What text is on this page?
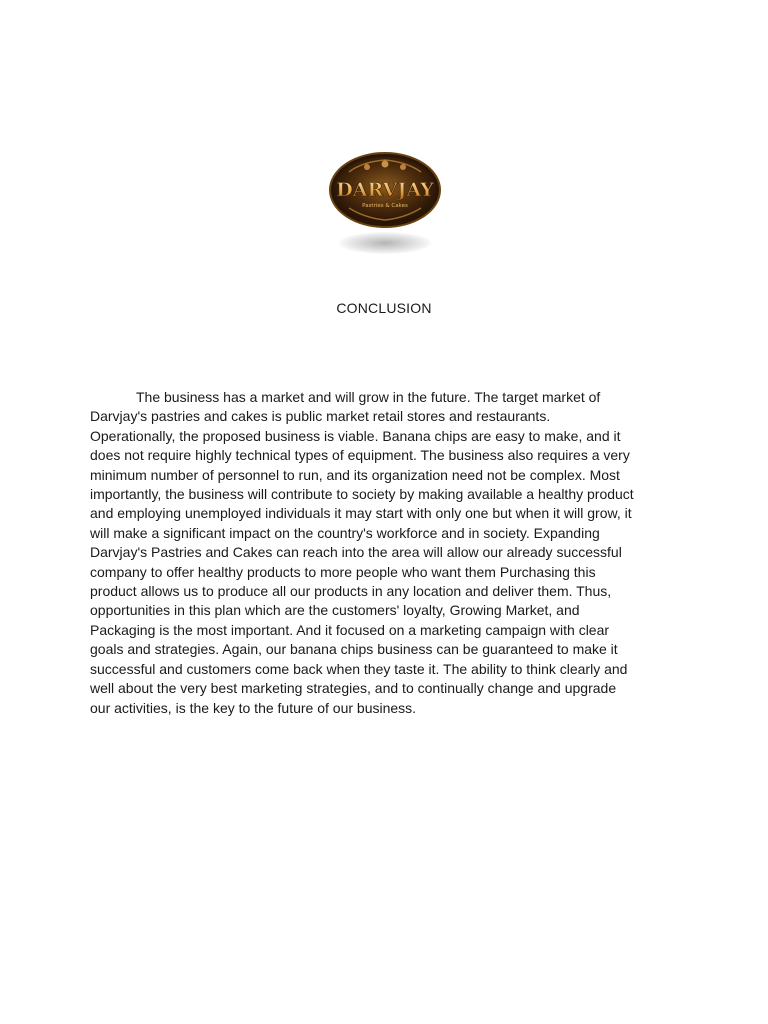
DARVJAY
Pastries & Cakes
CONCLUSION
The business has a market and will grow in the future. The target market of
Darvjay's pastries and cakes is public market retail stores and restaurants.
Operationally, the proposed business is viable. Banana chips are easy to make, and it
does not require highly technical types of equipment. The business also requires a very
minimum number of personnel to run, and its organization need not be complex. Most
importantly, the business will contribute to society by making available a healthy product
and employing unemployed individuals it may start with only one but when it will grow, it
will make a significant impact on the country's workforce and in society. Expanding
Darvjay's Pastries and Cakes can reach into the area will allow our already successful
company to offer healthy products to more people who want them Purchasing this
product allows us to produce all our products in any location and deliver them. Thus,
opportunities in this plan which are the customers' loyalty, Growing Market, and
Packaging is the most important. And it focused on a marketing campaign with clear
goals and strategies. Again, our banana chips business can be guaranteed to make it
successful and customers come back when they taste it. The ability to think clearly and
well about the very best marketing strategies, and to continually change and upgrade
our activities, is the key to the future of our business.
